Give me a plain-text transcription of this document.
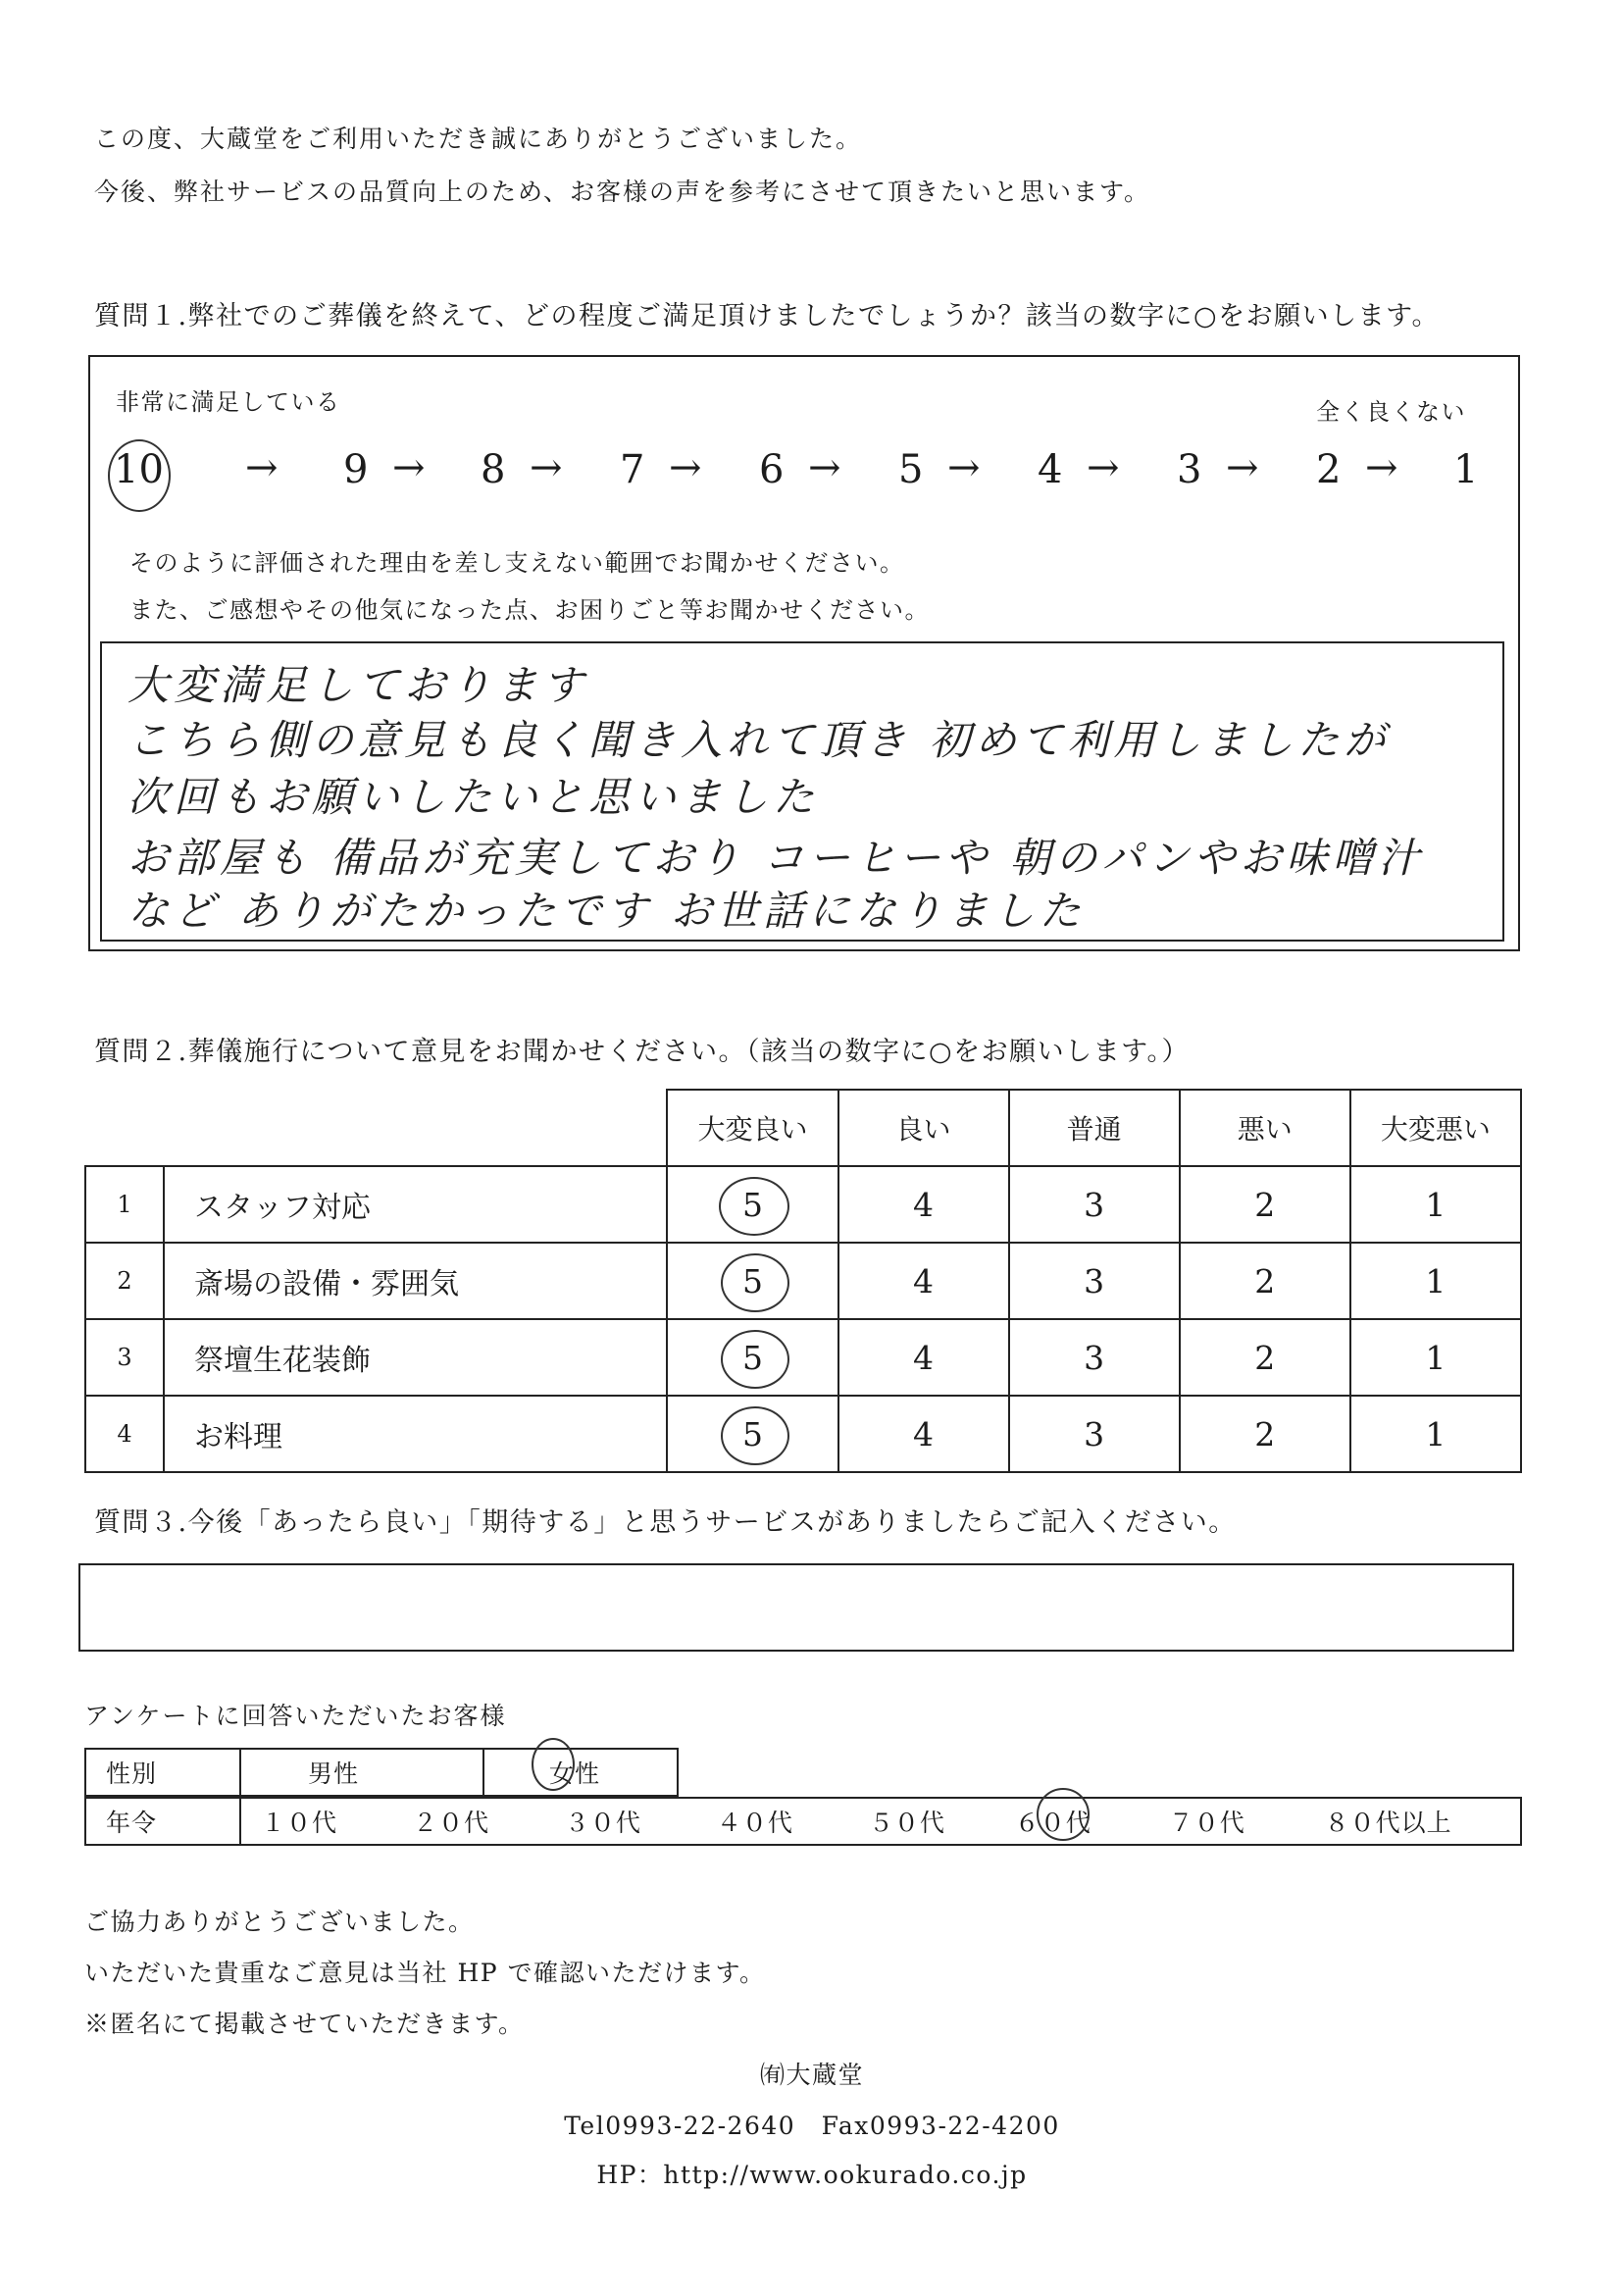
この度、大蔵堂をご利用いただき誠にありがとうございました。
今後、弊社サービスの品質向上のため、お客様の声を参考にさせて頂きたいと思います。
質問１.弊社でのご葬儀を終えて、どの程度ご満足頂けましたでしょうか？該当の数字に○をお願いします。
非常に満足している	全く良くない
10 → 9 → 8 → 7 → 6 → 5 → 4 → 3 → 2 → 1
そのように評価された理由を差し支えない範囲でお聞かせください。
また、ご感想やその他気になった点、お困りごと等お聞かせください。
大変満足しております
こちら側の意見も良く聞き入れて頂き 初めて利用しましたが
次回もお願いしたいと思いました
お部屋も 備品が充実しており コーヒーや 朝のパンやお味噌汁
など ありがたかったです お世話になりました
質問２.葬儀施行について意見をお聞かせください。（該当の数字に○をお願いします。）
		大変良い	良い	普通	悪い	大変悪い
1	スタッフ対応	5	4	3	2	1
2	斎場の設備・雰囲気	5	4	3	2	1
3	祭壇生花装飾	5	4	3	2	1
4	お料理	5	4	3	2	1
質問３.今後「あったら良い」「期待する」と思うサービスがありましたらご記入ください。
アンケートに回答いただいたお客様
性別	男性	女性
年令	１０代	２０代	３０代	４０代	５０代	６０代	７０代	８０代以上
ご協力ありがとうございました。
いただいた貴重なご意見は当社 HP で確認いただけます。
※匿名にて掲載させていただきます。
㈲大蔵堂
Tel0993-22-2640　Fax0993-22-4200
HP：http://www.ookurado.co.jp
